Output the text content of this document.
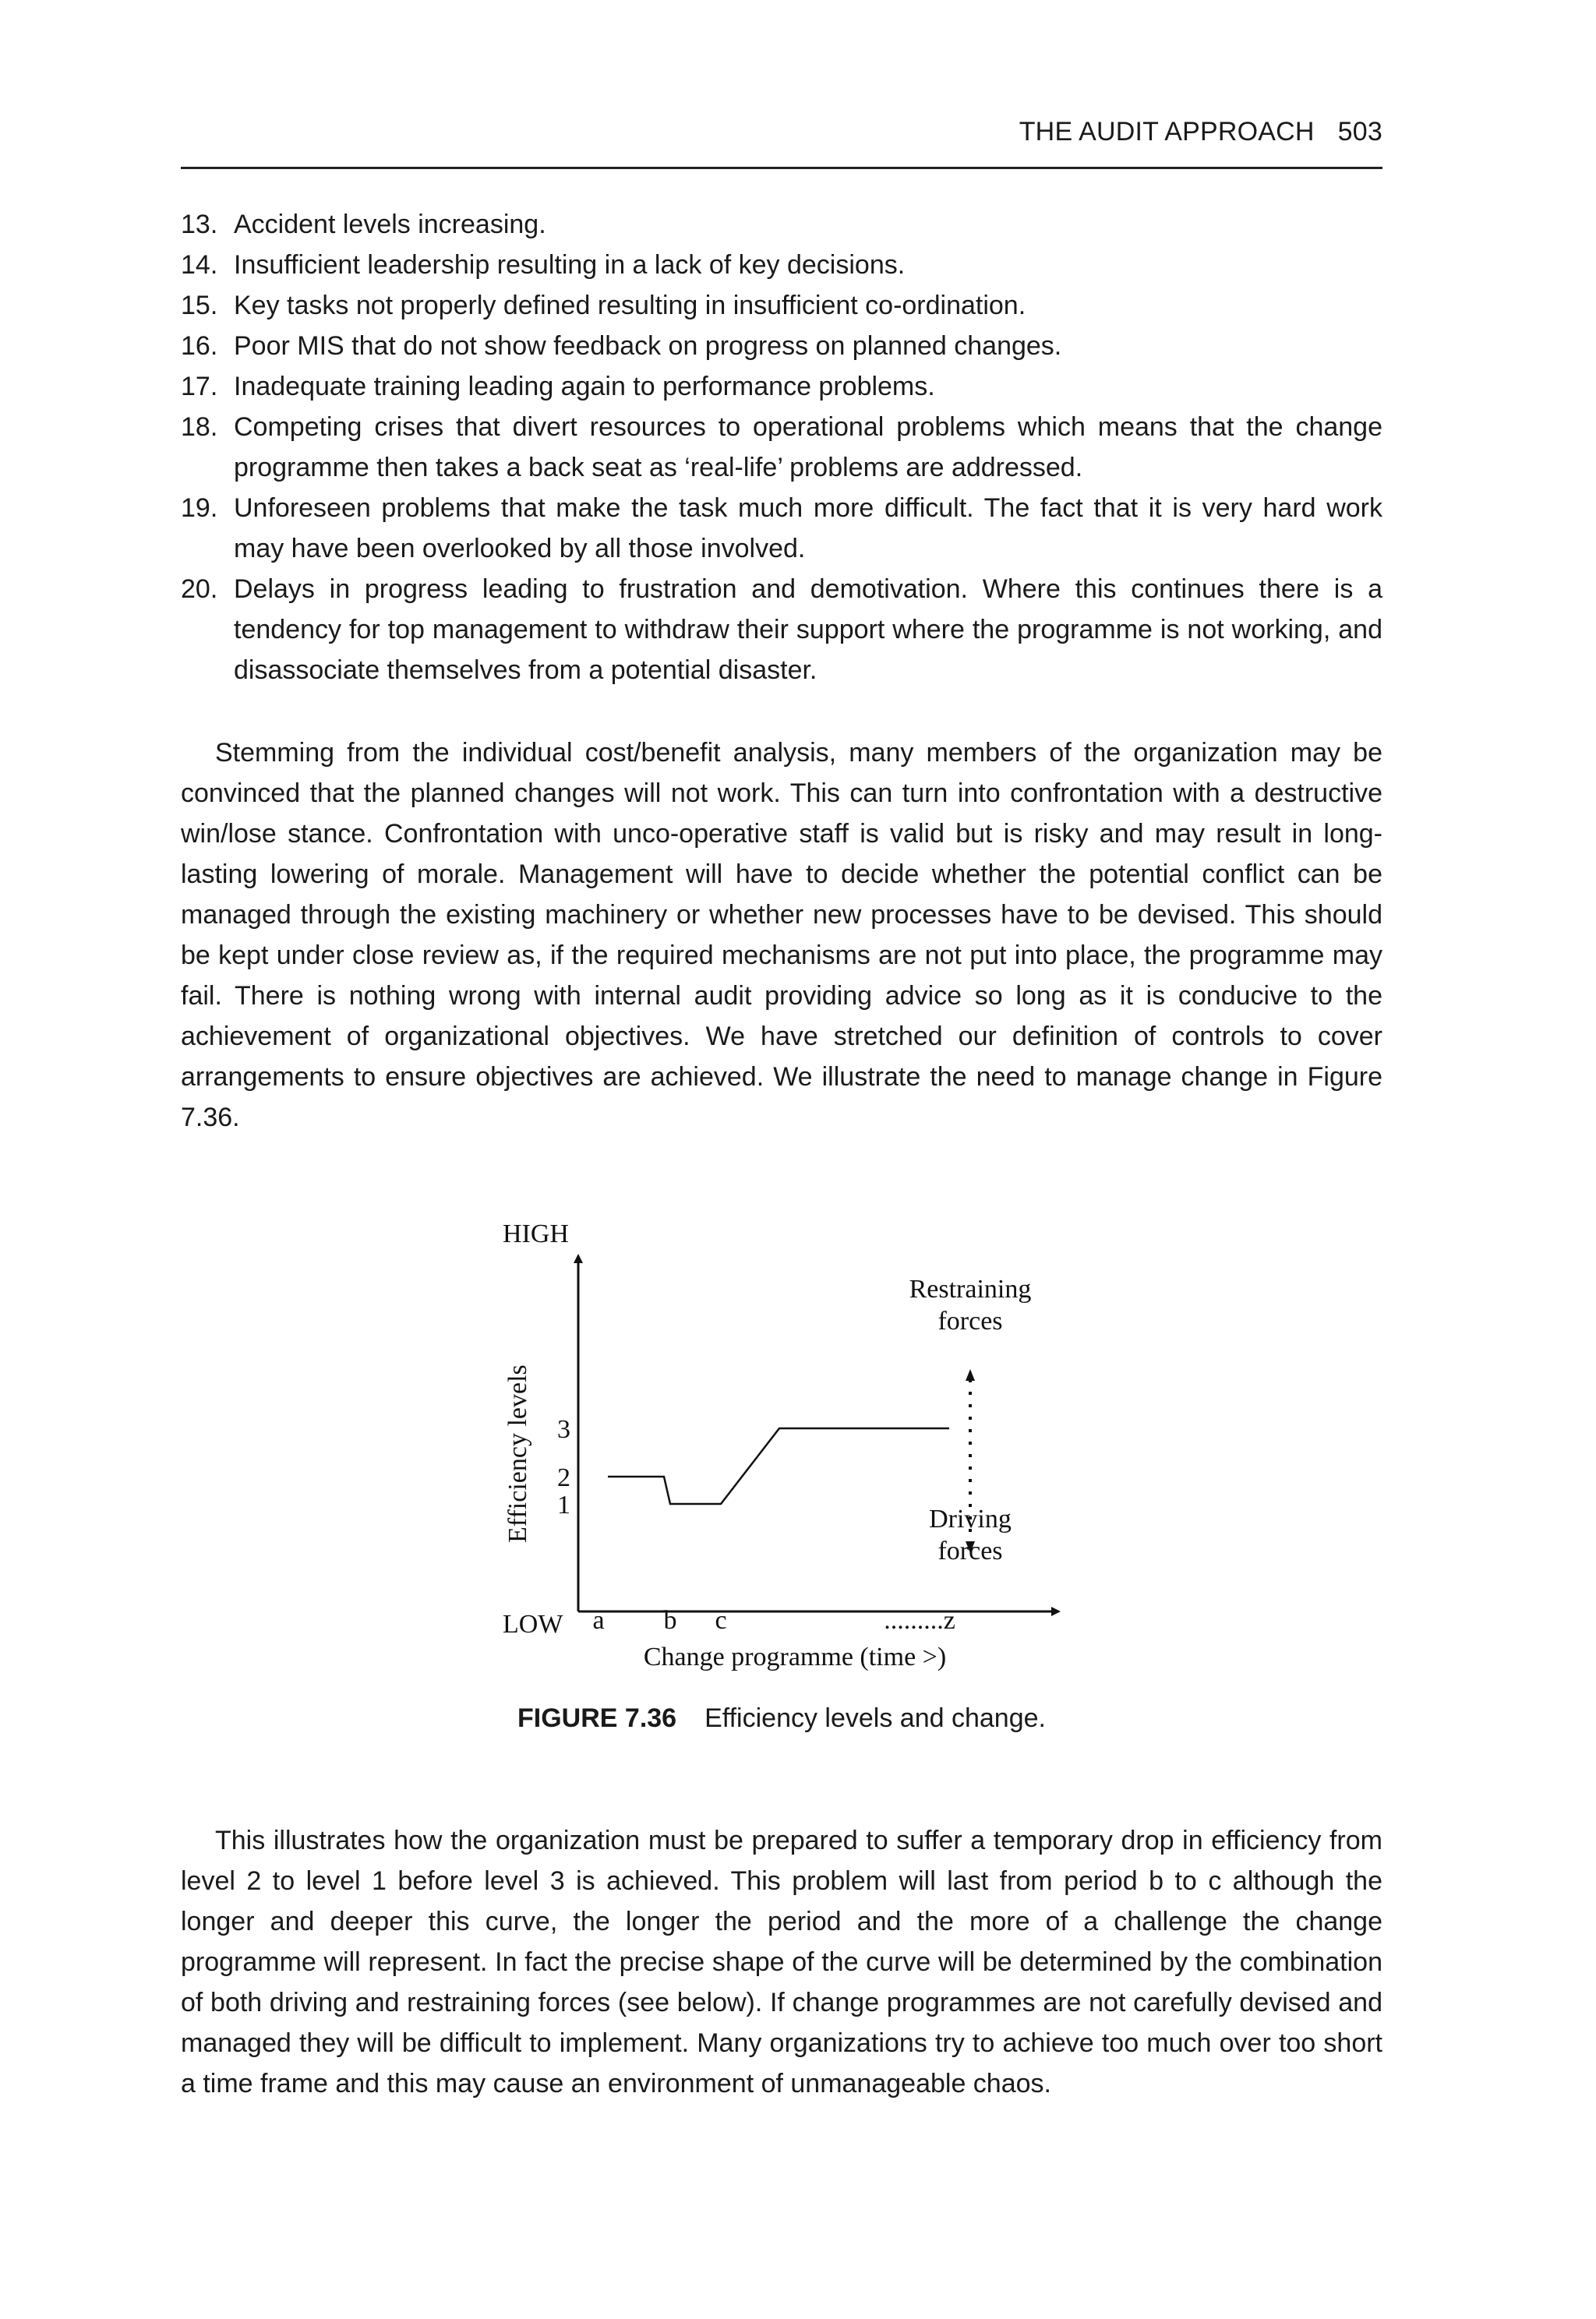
THE AUDIT APPROACH 503
13. Accident levels increasing.
14. Insufficient leadership resulting in a lack of key decisions.
15. Key tasks not properly defined resulting in insufficient co-ordination.
16. Poor MIS that do not show feedback on progress on planned changes.
17. Inadequate training leading again to performance problems.
18. Competing crises that divert resources to operational problems which means that the change programme then takes a back seat as ‘real-life’ problems are addressed.
19. Unforeseen problems that make the task much more difficult. The fact that it is very hard work may have been overlooked by all those involved.
20. Delays in progress leading to frustration and demotivation. Where this continues there is a tendency for top management to withdraw their support where the programme is not working, and disassociate themselves from a potential disaster.

Stemming from the individual cost/benefit analysis, many members of the organization may be convinced that the planned changes will not work. This can turn into confrontation with a destructive win/lose stance. Confrontation with unco-operative staff is valid but is risky and may result in long-lasting lowering of morale. Management will have to decide whether the potential conflict can be managed through the existing machinery or whether new processes have to be devised. This should be kept under close review as, if the required mechanisms are not put into place, the programme may fail. There is nothing wrong with internal audit providing advice so long as it is conducive to the achievement of organizational objectives. We have stretched our definition of controls to cover arrangements to ensure objectives are achieved. We illustrate the need to manage change in Figure 7.36.

HIGH
LOW
Efficiency levels 3
2
1
a b c	.........z
Restraining
forces
Driving
forces
Change programme (time >)
FIGURE 7.36 Efficiency levels and change.

This illustrates how the organization must be prepared to suffer a temporary drop in efficiency from level 2 to level 1 before level 3 is achieved. This problem will last from period b to c although the longer and deeper this curve, the longer the period and the more of a challenge the change programme will represent. In fact the precise shape of the curve will be determined by the combination of both driving and restraining forces (see below). If change programmes are not carefully devised and managed they will be difficult to implement. Many organizations try to achieve too much over too short a time frame and this may cause an environment of unmanageable chaos.
